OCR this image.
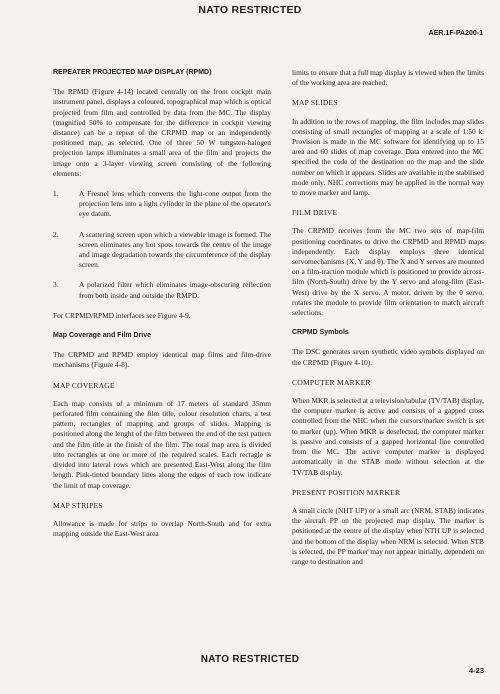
NATO RESTRICTED
AER.1F-PA200-1
REPEATER PROJECTED MAP DISPLAY (RPMD)

The RPMD (Figure 4-14) located centrally on the front cockpit main instrument panel, displays a coloured, topographical map which is optical projected from film and controlled by data from the MC. The display (magnified 50% to compensate for the difference in cockpit viewing distance) can be a repeat of the CRPMD map or an independently positioned map, as selected. One of three 50 W tungsten-halogen projection lamps illuminates a small area of the film and projects the image onto a 3-layer viewing screen consisting of the following elements:

1.	A Fresnel lens which converts the light-cone output from the projection lens into a light cylinder in the plane of the operator's eye datum.
2.	A scattering screen upon which a viewable image is formed. The screen eliminates any hot spots towards the centre of the image and image degradation towards the circumference of the display screen.
3.	A polarized filter which eliminates image-obscuring reflection from both inside and outside the RMPD.

For CRPMD/RPMD interfaces see Figure 4-9.

Map Coverage and Film Drive

The CRPMD and RPMD employ identical map films and film-drive mechanisms (Figure 4-8).

MAP COVERAGE

Each map consists of a minimum of 17 meters of standard 35mm perforated film containing the film title, colour resolution charts, a test pattern, rectangles of mapping and groups of slides. Mapping is positioned along the lenght of the film between the end of the test pattern and the film title at the finish of the film. The total map area is divided into rectangles at one or more of the required scales. Each rectagle is divided into lateral rows which are presented East-West along the film length. Pink-tinted boundary lines along the edges of each row indicate the limit of map coverage.

MAP STRIPES

Allowance is made for strips to overlap North-South and for extra mapping outside the East-West area

limits to ensure that a full map display is viewed when the limits of the working area are reached.

MAP SLIDES

In addition to the rows of mapping, the film includes map slides consisting of small rectangles of mapping at a scale of 1:50 k. Provision is made in the MC software for identifying up to 15 area and 60 slides of map coverage. Data entered into the MC specified the code of the destination on the map and the slide number on which it appears. Slides are available in the stabilised mode only. NHC corrections may be applied in the normal way to move marker and lamp.

FILM DRIVE

The CRPMD receives from the MC two sets of map-film positioning coordinates to drive the CRPMD and RPMD maps independently. Each display employs three identical servomechanisms (X, Y and θ). The X and Y servos are mounted on a film-traction module which is positioned to provide across-film (North-South) drive by the Y servo and along-film (East-West) drive by the X servo. A motor, driven by the θ servo, rotates the module to provide film orientation to match aircraft selections.

CRPMD Symbols

The DSC generates seven synthetic video symbols displayed on the CRPMD (Figure 4-10).

COMPUTER MARKER

When MKR is selected at a television/tabular (TV/TAB) display, the computer marker is active and consists of a gapped cross controlled from the NHC when the cursors/marker switch is set to marker (up). When MKR is deselected, the computer marker is passive and consists of a gapped horizontal line controlled from the MC. The active computer marker is displayed automatically in the STAB mode without selection at the TV/TAB display.

PRESENT POSITION MARKER

A small circle (NHT UP) or a small arc (NRM, STAB) indicates the aircraft PP on the projected map display. The marker is positioned at the centre of the display when NTH UP is selected and the bottom of the display when NRM is selected. When STB is selected, the PP marker may not appear initially, dependent on range to destination and

NATO RESTRICTED
4-23
